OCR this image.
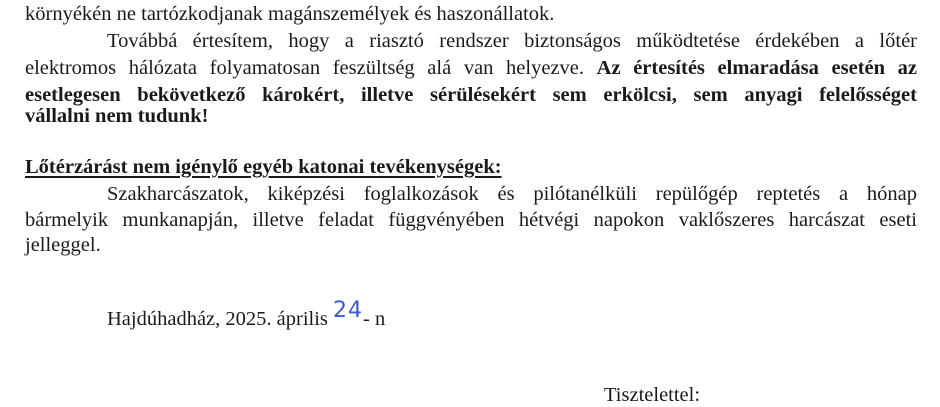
környékén ne tartózkodjanak magánszemélyek és haszonállatok.
Továbbá értesítem, hogy a riasztó rendszer biztonságos működtetése érdekében a lőtér
elektromos hálózata folyamatosan feszültség alá van helyezve. Az értesítés elmaradása esetén az
esetlegesen bekövetkező károkért, illetve sérülésekért sem erkölcsi, sem anyagi felelősséget
vállalni nem tudunk!
Lőtérzárást nem igénylő egyéb katonai tevékenységek:
Szakharcászatok, kiképzési foglalkozások és pilótanélküli repülőgép reptetés a hónap
bármelyik munkanapján, illetve feladat függvényében hétvégi napokon vaklőszeres harcászat eseti
jelleggel.
Hajdúhadház, 2025. április 24- n
Tisztelettel:
